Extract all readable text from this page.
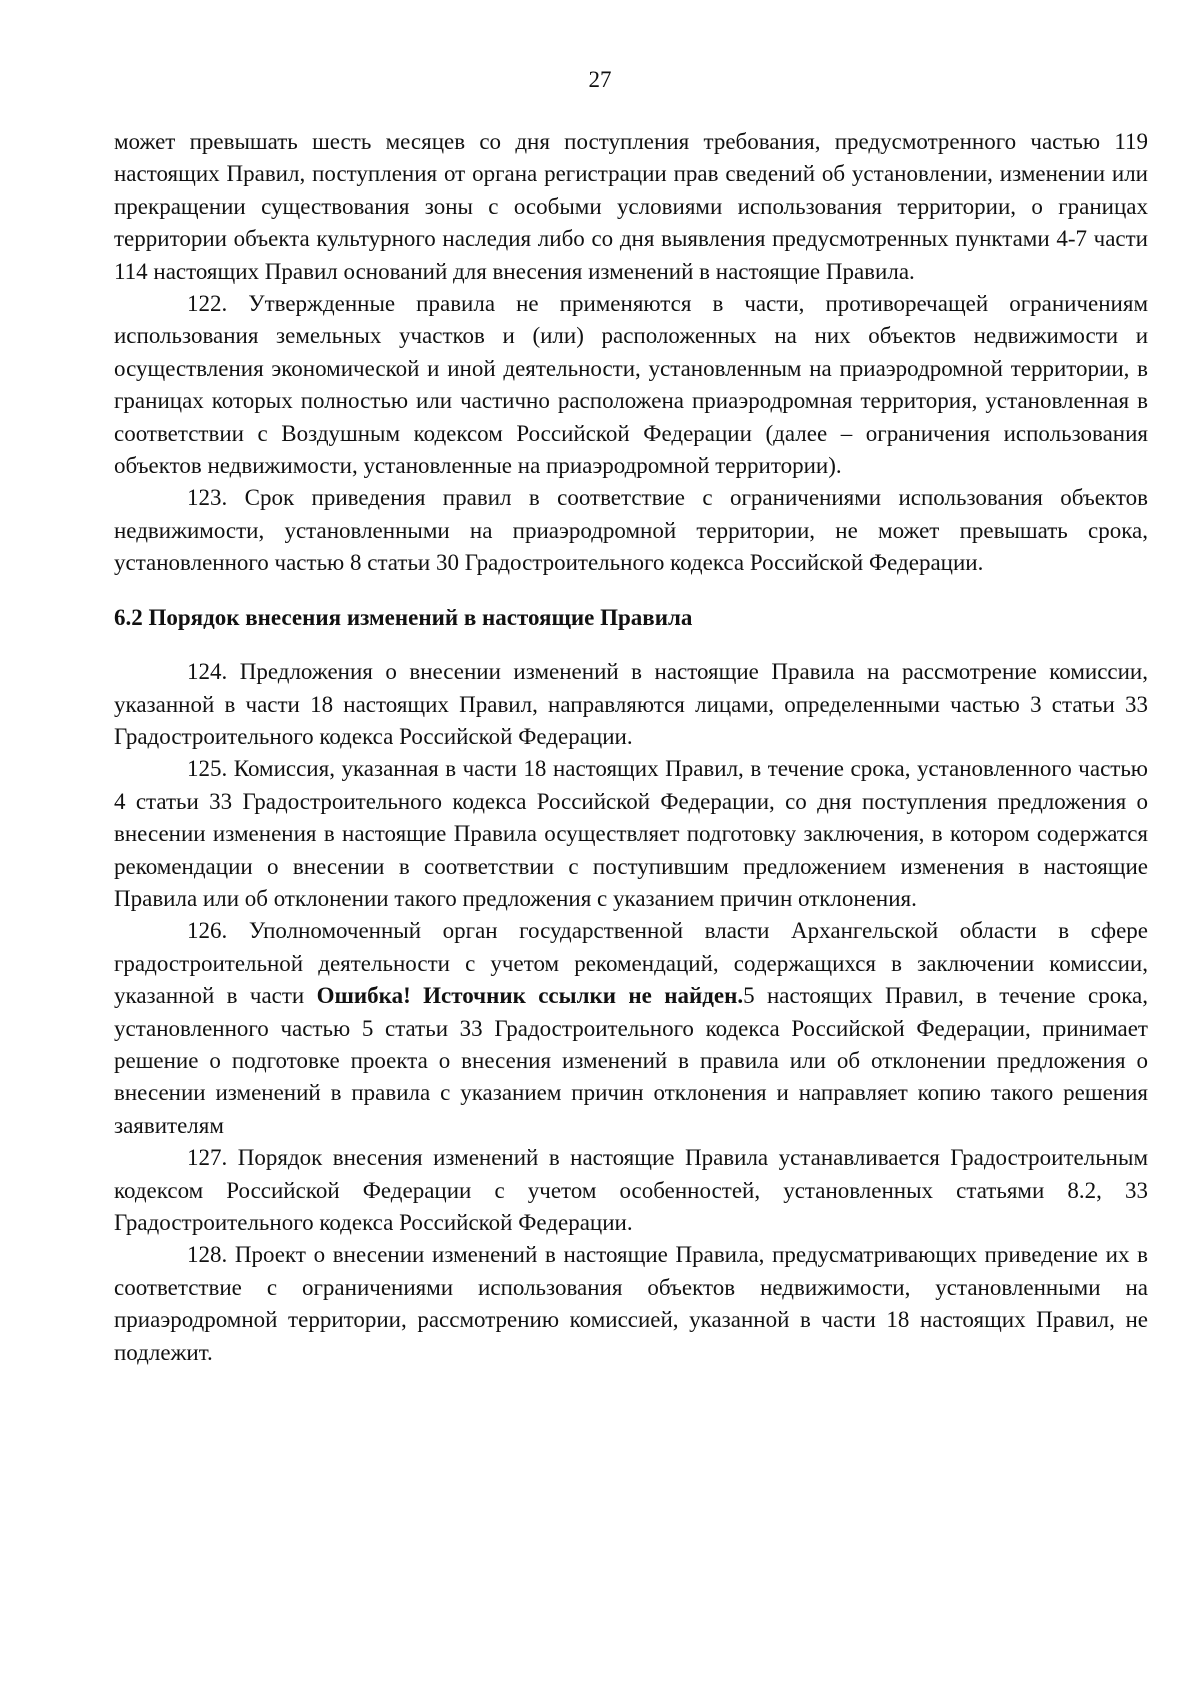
27

может превышать шесть месяцев со дня поступления требования, предусмотренного частью 119 настоящих Правил, поступления от органа регистрации прав сведений об установлении, изменении или прекращении существования зоны с особыми условиями использования территории, о границах территории объекта культурного наследия либо со дня выявления предусмотренных пунктами 4-7 части 114 настоящих Правил оснований для внесения изменений в настоящие Правила.

122. Утвержденные правила не применяются в части, противоречащей ограничениям использования земельных участков и (или) расположенных на них объектов недвижимости и осуществления экономической и иной деятельности, установленным на приаэродромной территории, в границах которых полностью или частично расположена приаэродромная территория, установленная в соответствии с Воздушным кодексом Российской Федерации (далее – ограничения использования объектов недвижимости, установленные на приаэродромной территории).

123. Срок приведения правил в соответствие с ограничениями использования объектов недвижимости, установленными на приаэродромной территории, не может превышать срока, установленного частью 8 статьи 30 Градостроительного кодекса Российской Федерации.

6.2 Порядок внесения изменений в настоящие Правила

124. Предложения о внесении изменений в настоящие Правила на рассмотрение комиссии, указанной в части 18 настоящих Правил, направляются лицами, определенными частью 3 статьи 33 Градостроительного кодекса Российской Федерации.

125. Комиссия, указанная в части 18 настоящих Правил, в течение срока, установленного частью 4 статьи 33 Градостроительного кодекса Российской Федерации, со дня поступления предложения о внесении изменения в настоящие Правила осуществляет подготовку заключения, в котором содержатся рекомендации о внесении в соответствии с поступившим предложением изменения в настоящие Правила или об отклонении такого предложения с указанием причин отклонения.

126. Уполномоченный орган государственной власти Архангельской области в сфере градостроительной деятельности с учетом рекомендаций, содержащихся в заключении комиссии, указанной в части Ошибка! Источник ссылки не найден.5 настоящих Правил, в течение срока, установленного частью 5 статьи 33 Градостроительного кодекса Российской Федерации, принимает решение о подготовке проекта о внесения изменений в правила или об отклонении предложения о внесении изменений в правила с указанием причин отклонения и направляет копию такого решения заявителям

127. Порядок внесения изменений в настоящие Правила устанавливается Градостроительным кодексом Российской Федерации с учетом особенностей, установленных статьями 8.2, 33 Градостроительного кодекса Российской Федерации.

128. Проект о внесении изменений в настоящие Правила, предусматривающих приведение их в соответствие с ограничениями использования объектов недвижимости, установленными на приаэродромной территории, рассмотрению комиссией, указанной в части 18 настоящих Правил, не подлежит.
